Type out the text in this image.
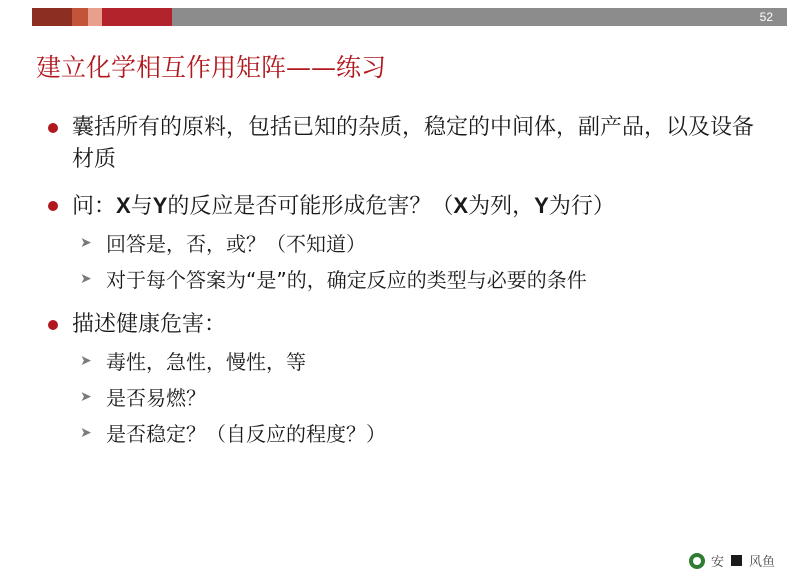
52
建立化学相互作用矩阵——练习
囊括所有的原料，包括已知的杂质，稳定的中间体，副产品，以及设备材质
问：X与Y的反应是否可能形成危害？（X为列，Y为行）
➤ 回答是，否，或？（不知道）
➤ 对于每个答案为“是”的，确定反应的类型与必要的条件
描述健康危害：
➤ 毒性，急性，慢性，等
➤ 是否易燃？
➤ 是否稳定？（自反应的程度？）
安 风鱼
